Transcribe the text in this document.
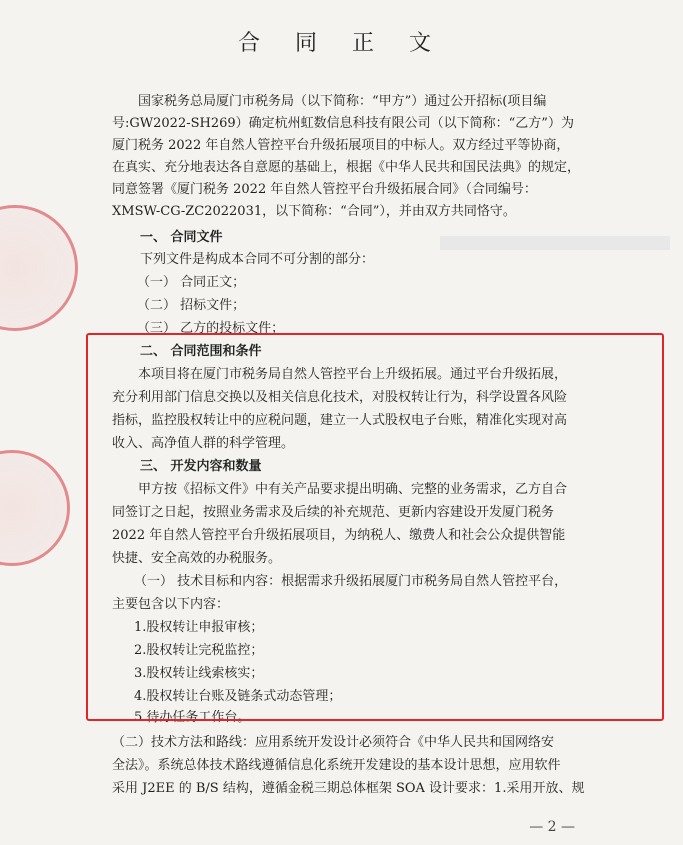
合 同 正 文
国家税务总局厦门市税务局（以下简称：“甲方”）通过公开招标(项目编
号:GW2022-SH269）确定杭州虹数信息科技有限公司（以下简称：“乙方”）为
厦门税务 2022 年自然人管控平台升级拓展项目的中标人。双方经过平等协商，
在真实、充分地表达各自意愿的基础上，根据《中华人民共和国民法典》的规定，
同意签署《厦门税务 2022 年自然人管控平台升级拓展合同》（合同编号：
XMSW-CG-ZC2022031，以下简称：“合同”），并由双方共同恪守。
一、 合同文件
下列文件是构成本合同不可分割的部分：
（一） 合同正文；
（二） 招标文件；
（三） 乙方的投标文件；
二、 合同范围和条件
本项目将在厦门市税务局自然人管控平台上升级拓展。通过平台升级拓展，
充分利用部门信息交换以及相关信息化技术，对股权转让行为，科学设置各风险
指标，监控股权转让中的应税问题，建立一人式股权电子台账，精准化实现对高
收入、高净值人群的科学管理。
三、 开发内容和数量
甲方按《招标文件》中有关产品要求提出明确、完整的业务需求，乙方自合
同签订之日起，按照业务需求及后续的补充规范、更新内容建设开发厦门税务
2022 年自然人管控平台升级拓展项目，为纳税人、缴费人和社会公众提供智能
快捷、安全高效的办税服务。
（一） 技术目标和内容：根据需求升级拓展厦门市税务局自然人管控平台，
主要包含以下内容：
1.股权转让申报审核；
2.股权转让完税监控；
3.股权转让线索核实；
4.股权转让台账及链条式动态管理；
5.待办任务工作台。
（二）技术方法和路线：应用系统开发设计必须符合《中华人民共和国网络安
全法》。系统总体技术路线遵循信息化系统开发建设的基本设计思想，应用软件
采用 J2EE 的 B/S 结构，遵循金税三期总体框架 SOA 设计要求：1.采用开放、规
— 2 —
